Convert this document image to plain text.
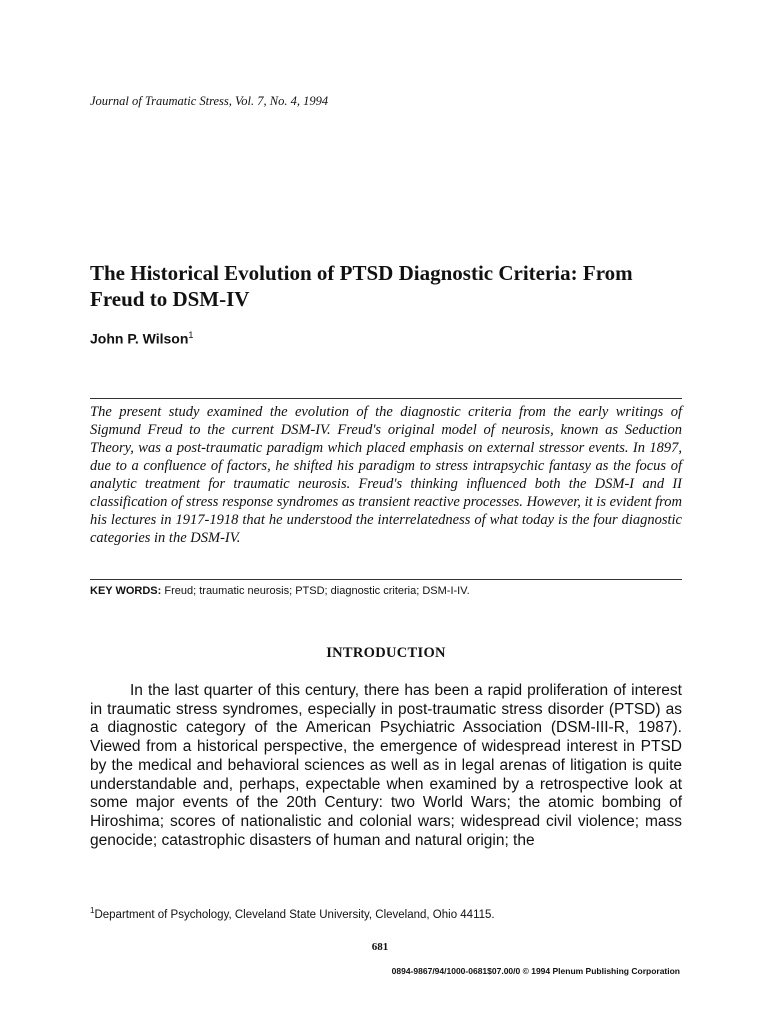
Journal of Traumatic Stress, Vol. 7, No. 4, 1994
The Historical Evolution of PTSD Diagnostic Criteria: From Freud to DSM-IV
John P. Wilson$^1$
The present study examined the evolution of the diagnostic criteria from the early writings of Sigmund Freud to the current DSM-IV. Freud's original model of neurosis, known as Seduction Theory, was a post-traumatic paradigm which placed emphasis on external stressor events. In 1897, due to a confluence of factors, he shifted his paradigm to stress intrapsychic fantasy as the focus of analytic treatment for traumatic neurosis. Freud's thinking influenced both the DSM-I and II classification of stress response syndromes as transient reactive processes. However, it is evident from his lectures in 1917-1918 that he understood the interrelatedness of what today is the four diagnostic categories in the DSM-IV.
KEY WORDS: Freud; traumatic neurosis; PTSD; diagnostic criteria; DSM-I-IV.
INTRODUCTION
In the last quarter of this century, there has been a rapid proliferation of interest in traumatic stress syndromes, especially in post-traumatic stress disorder (PTSD) as a diagnostic category of the American Psychiatric Association (DSM-III-R, 1987). Viewed from a historical perspective, the emergence of widespread interest in PTSD by the medical and behavioral sciences as well as in legal arenas of litigation is quite understandable and, perhaps, expectable when examined by a retrospective look at some major events of the 20th Century: two World Wars; the atomic bombing of Hiroshima; scores of nationalistic and colonial wars; widespread civil violence; mass genocide; catastrophic disasters of human and natural origin; the
$^1$Department of Psychology, Cleveland State University, Cleveland, Ohio 44115.
681
0894-9867/94/1000-0681$07.00/0 © 1994 Plenum Publishing Corporation
